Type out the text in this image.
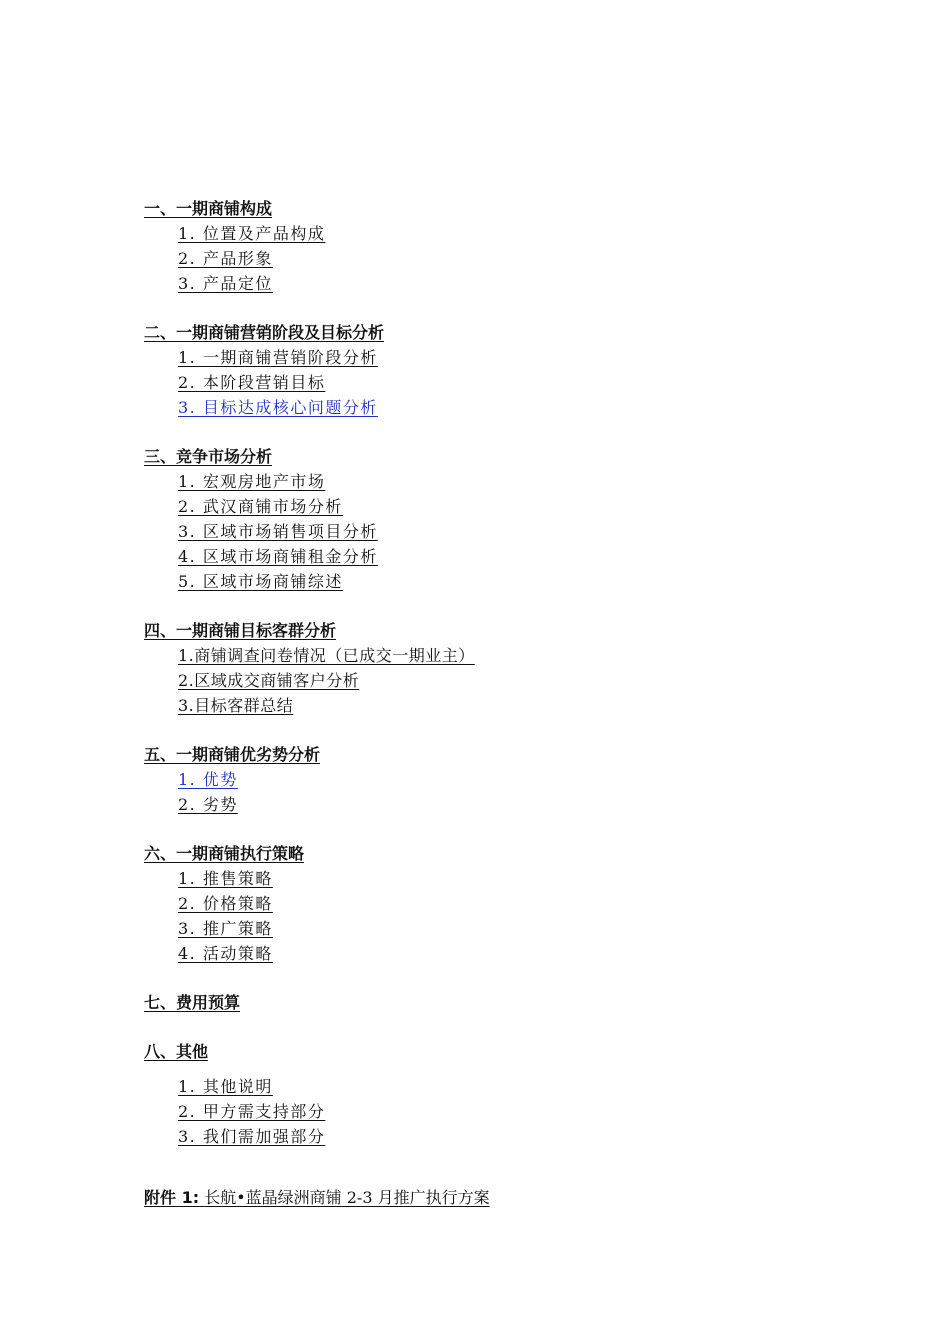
一、一期商铺构成
1. 位置及产品构成
2. 产品形象
3. 产品定位
二、一期商铺营销阶段及目标分析
1. 一期商铺营销阶段分析
2. 本阶段营销目标
3. 目标达成核心问题分析
三、竞争市场分析
1. 宏观房地产市场
2. 武汉商铺市场分析
3. 区域市场销售项目分析
4. 区域市场商铺租金分析
5. 区域市场商铺综述
四、一期商铺目标客群分析
1.商铺调查问卷情况（已成交一期业主）
2.区域成交商铺客户分析
3.目标客群总结
五、一期商铺优劣势分析
1. 优势
2. 劣势
六、一期商铺执行策略
1. 推售策略
2. 价格策略
3. 推广策略
4. 活动策略
七、费用预算
八、其他
1. 其他说明
2. 甲方需支持部分
3. 我们需加强部分
附件 1: 长航•蓝晶绿洲商铺 2-3 月推广执行方案
